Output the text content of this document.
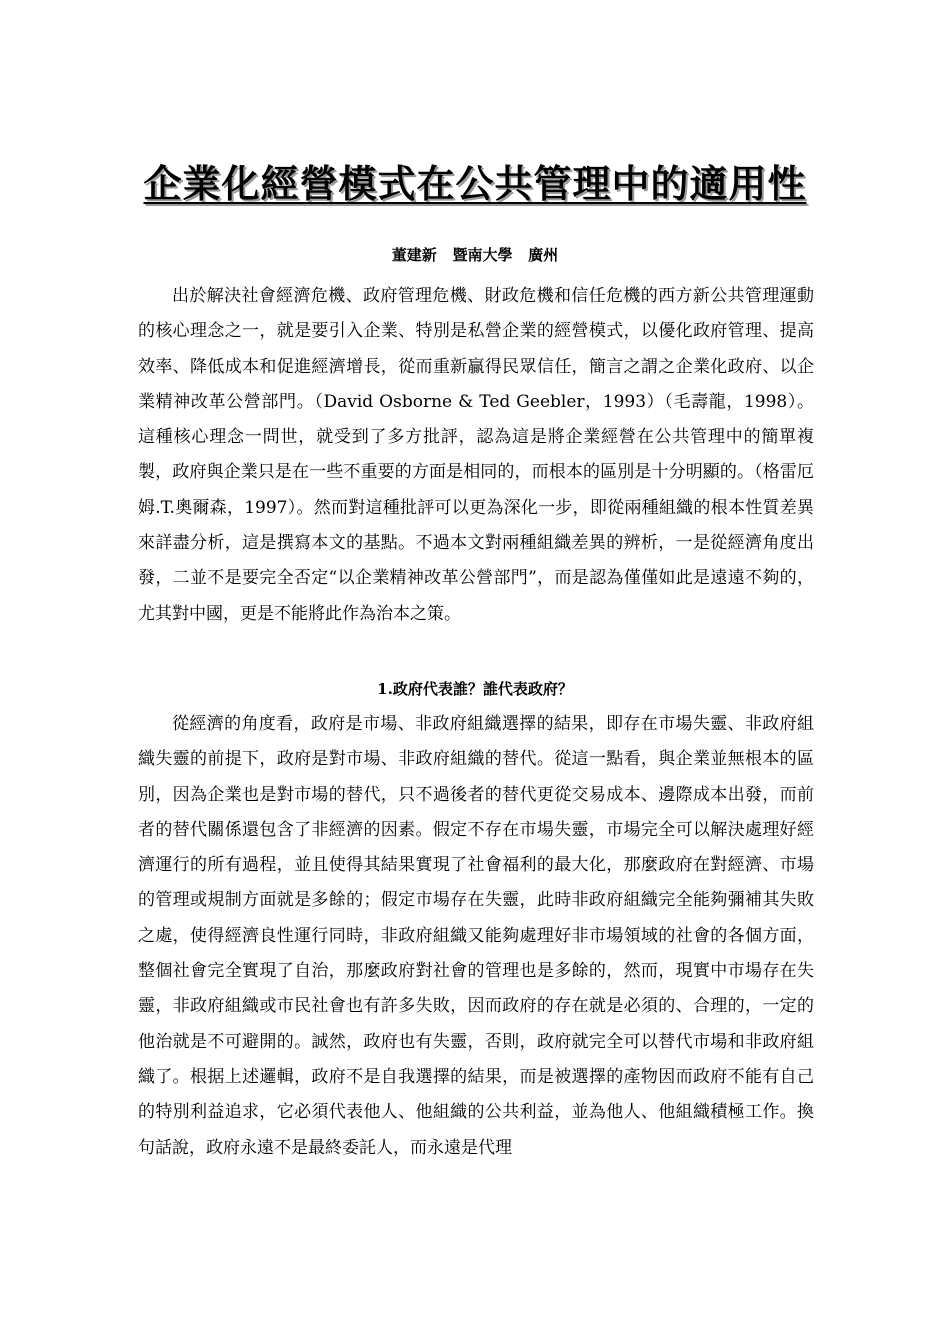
企業化經營模式在公共管理中的適用性
董建新 暨南大學 廣州

出於解決社會經濟危機、政府管理危機、財政危機和信任危機的西方新公共管理運動的核心理念之一，就是要引入企業、特別是私營企業的經營模式，以優化政府管理、提高效率、降低成本和促進經濟增長，從而重新贏得民眾信任，簡言之謂之企業化政府、以企業精神改革公營部門。（David Osborne & Ted Geebler，1993）（毛壽龍，1998）。這種核心理念一問世，就受到了多方批評，認為這是將企業經營在公共管理中的簡單複製，政府與企業只是在一些不重要的方面是相同的，而根本的區別是十分明顯的。（格雷厄姆.T.奧爾森，1997）。然而對這種批評可以更為深化一步，即從兩種組織的根本性質差異來詳盡分析，這是撰寫本文的基點。不過本文對兩種組織差異的辨析，一是從經濟角度出發，二並不是要完全否定“以企業精神改革公營部門”，而是認為僅僅如此是遠遠不夠的，尤其對中國，更是不能將此作為治本之策。

1.政府代表誰？誰代表政府？

從經濟的角度看，政府是市場、非政府組織選擇的結果，即存在市場失靈、非政府組織失靈的前提下，政府是對市場、非政府組織的替代。從這一點看，與企業並無根本的區別，因為企業也是對市場的替代，只不過後者的替代更從交易成本、邊際成本出發，而前者的替代關係還包含了非經濟的因素。假定不存在市場失靈，市場完全可以解決處理好經濟運行的所有過程，並且使得其結果實現了社會福利的最大化，那麼政府在對經濟、市場的管理或規制方面就是多餘的；假定市場存在失靈，此時非政府組織完全能夠彌補其失敗之處，使得經濟良性運行同時，非政府組織又能夠處理好非市場領域的社會的各個方面，整個社會完全實現了自治，那麼政府對社會的管理也是多餘的，然而，現實中市場存在失靈，非政府組織或市民社會也有許多失敗，因而政府的存在就是必須的、合理的，一定的他治就是不可避開的。誠然，政府也有失靈，否則，政府就完全可以替代市場和非政府組織了。根据上述邏輯，政府不是自我選擇的結果，而是被選擇的產物因而政府不能有自己的特別利益追求，它必須代表他人、他組織的公共利益，並為他人、他組織積極工作。換句話說，政府永遠不是最終委託人，而永遠是代理
